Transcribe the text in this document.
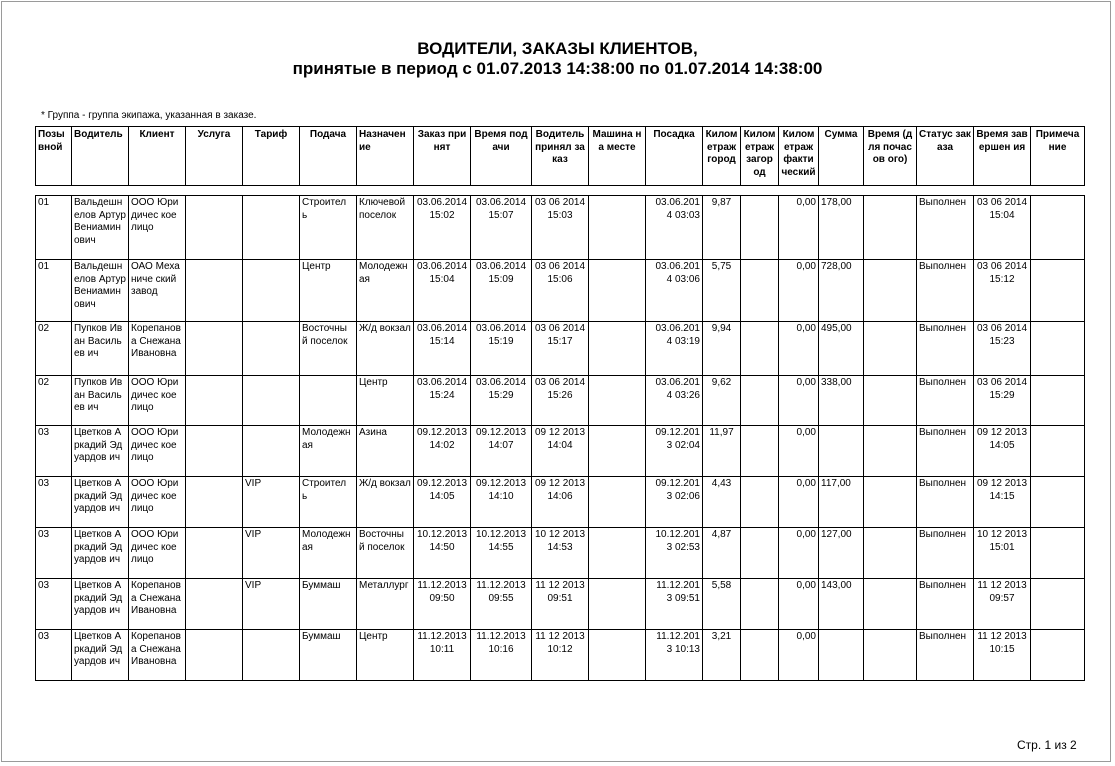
ВОДИТЕЛИ, ЗАКАЗЫ КЛИЕНТОВ,
принятые в период с 01.07.2013 14:38:00 по 01.07.2014 14:38:00
* Группа - группа экипажа, указанная в заказе.
Позы вной	Водитель	Клиент	Услуга	Тариф	Подача	Назначен ие	Заказ принят	Время подачи	Водитель принял заказ	Машина на месте	Посадка	Килом етраж город	Килом етраж загор од	Килом етраж факти ческий	Сумма	Время (для почасов ого)	Статус заказа	Время завершен ия	Примеча ние
01	Вальдешн елов Артур Вениамин ович	ООО Юридичес кое лицо			Строител ь	Ключевой поселок	03.06.2014 15:02	03.06.2014 15:07	03 06 2014 15:03		03.06.201 4 03:03	9,87		0,00	178,00		Выполнен	03 06 2014 15:04	
01	Вальдешн елов Артур Вениамин ович	ОАО Механиче ский завод			Центр	Молодежн ая	03.06.2014 15:04	03.06.2014 15:09	03 06 2014 15:06		03.06.201 4 03:06	5,75		0,00	728,00		Выполнен	03 06 2014 15:12	
02	Пупков Иван Васильев ич	Корепанов а Снежана Ивановна			Восточны й поселок	Ж/д вокзал	03.06.2014 15:14	03.06.2014 15:19	03 06 2014 15:17		03.06.201 4 03:19	9,94		0,00	495,00		Выполнен	03 06 2014 15:23	
02	Пупков Иван Васильев ич	ООО Юридичес кое лицо				Центр	03.06.2014 15:24	03.06.2014 15:29	03 06 2014 15:26		03.06.201 4 03:26	9,62		0,00	338,00		Выполнен	03 06 2014 15:29	
03	Цветков Аркадий Эдуардов ич	ООО Юридичес кое лицо			Молодежн ая	Азина	09.12.2013 14:02	09.12.2013 14:07	09 12 2013 14:04		09.12.201 3 02:04	11,97		0,00			Выполнен	09 12 2013 14:05	
03	Цветков Аркадий Эдуардов ич	ООО Юридичес кое лицо		VIP	Строител ь	Ж/д вокзал	09.12.2013 14:05	09.12.2013 14:10	09 12 2013 14:06		09.12.201 3 02:06	4,43		0,00	117,00		Выполнен	09 12 2013 14:15	
03	Цветков Аркадий Эдуардов ич	ООО Юридичес кое лицо		VIP	Молодежн ая	Восточны й поселок	10.12.2013 14:50	10.12.2013 14:55	10 12 2013 14:53		10.12.201 3 02:53	4,87		0,00	127,00		Выполнен	10 12 2013 15:01	
03	Цветков Аркадий Эдуардов ич	Корепанов а Снежана Ивановна		VIP	Буммаш	Металлург	11.12.2013 09:50	11.12.2013 09:55	11 12 2013 09:51		11.12.201 3 09:51	5,58		0,00	143,00		Выполнен	11 12 2013 09:57	
03	Цветков Аркадий Эдуардов ич	Корепанов а Снежана Ивановна			Буммаш	Центр	11.12.2013 10:11	11.12.2013 10:16	11 12 2013 10:12		11.12.201 3 10:13	3,21		0,00			Выполнен	11 12 2013 10:15	
Стр. 1 из 2
